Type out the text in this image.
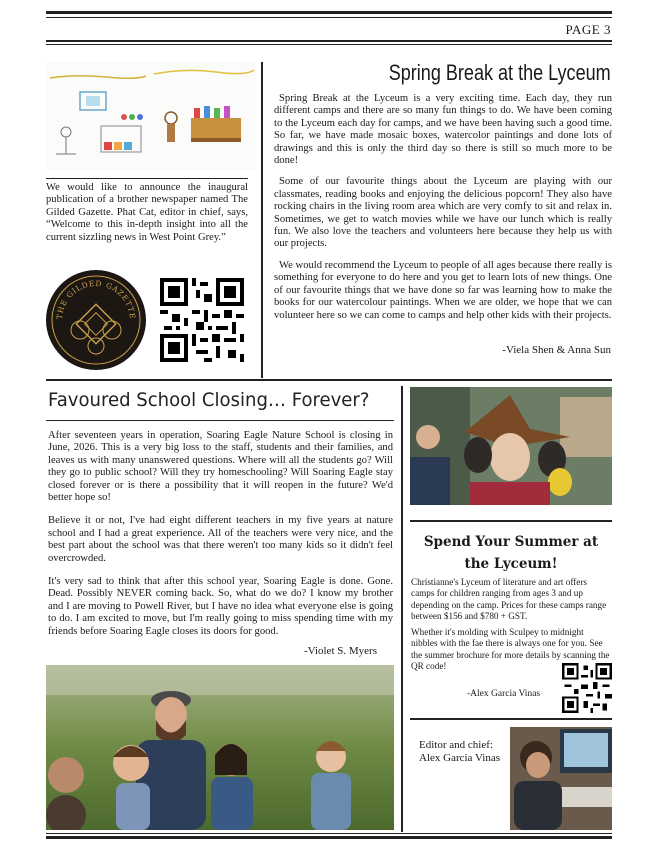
PAGE 3
We would like to announce the inaugural publication of a brother newspaper named The Gilded Gazette. Phat Cat, editor in chief, says, “Welcome to this in-depth insight into all the current sizzling news in West Point Grey.”
THE GILDED GAZETTE
Spring Break at the Lyceum

Spring Break at the Lyceum is a very exciting time. Each day, they run different camps and there are so many fun things to do. We have been coming to the Lyceum each day for camps, and we have been having such a good time. So far, we have made mosaic boxes, watercolor paintings and done lots of drawings and this is only the third day so there is still so much more to be done!

Some of our favourite things about the Lyceum are playing with our classmates, reading books and enjoying the delicious popcorn! They also have rocking chairs in the living room area which are very comfy to sit and relax in. Sometimes, we get to watch movies while we have our lunch which is really fun. We also love the teachers and volunteers here because they help us with our projects.

We would recommend the Lyceum to people of all ages because there really is something for everyone to do here and you get to learn lots of new things. One of our favourite things that we have done so far was learning how to make the books for our watercolour paintings. When we are older, we hope that we can volunteer here so we can come to camps and help other kids with their projects.

-Viela Shen & Anna Sun
Favoured School Closing… Forever?

After seventeen years in operation, Soaring Eagle Nature School is closing in June, 2026. This is a very big loss to the staff, students and their families, and leaves us with many unanswered questions. Where will all the students go? Will they go to public school? Will they try homeschooling? Will Soaring Eagle stay closed forever or is there a possibility that it will reopen in the future? We'd better hope so!

Believe it or not, I've had eight different teachers in my five years at nature school and I had a great experience. All of the teachers were very nice, and the best part about the school was that there weren't too many kids so it didn't feel overcrowded.

It's very sad to think that after this school year, Soaring Eagle is done. Gone. Dead. Possibly NEVER coming back. So, what do we do? I know my brother and I are moving to Powell River, but I have no idea what everyone else is going to do. I am excited to move, but I'm really going to miss spending time with my friends before Soaring Eagle closes its doors for good.

-Violet S. Myers
Spend Your Summer at
the Lyceum!
Christianne's Lyceum of literature and art offers camps for children ranging from ages 3 and up depending on the camp. Prices for these camps range between $156 and $780 + GST.
Whether it's molding with Sculpey to midnight nibbles with the fae there is always one for you. See the summer brochure for more details by scanning the QR code!
-Alex Garcia Vinas
Editor and chief:
Alex Garcia Vinas
